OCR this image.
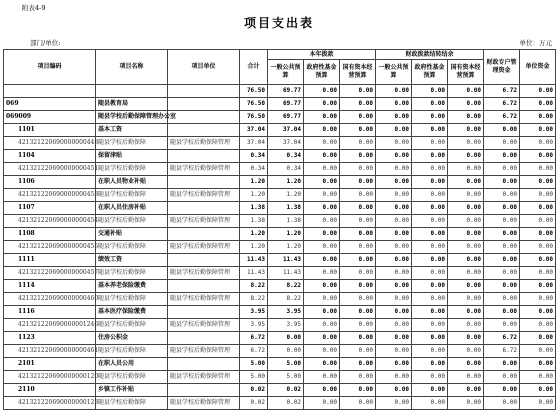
附表4-9
项目支出表
部门/单位:	单位：万元
项目编码	项目名称	项目单位	合计	本年拨款			财政拨款结转结余			财政专户管理资金	单位资金
				一般公共预算	政府性基金预算	国有资本经营预算	一般公共预算	政府性基金预算	国有资本经营预算		
			76.50	69.77	0.00	0.00	0.00	0.00	0.00	6.72	0.00
069	随县教育局		76.50	69.77	0.00	0.00	0.00	0.00	0.00	6.72	0.00
069009	随县学校后勤保障管理办公室		76.50	69.77	0.00	0.00	0.00	0.00	0.00	6.72	0.00
1101	基本工资		37.04	37.04	0.00	0.00	0.00	0.00	0.00	0.00	0.00
421321220690000000448	随县学校后勤保障	随县学校后勤保障管理	37.04	37.04	0.00	0.00	0.00	0.00	0.00	0.00	0.00
1104	保留津贴		0.34	0.34	0.00	0.00	0.00	0.00	0.00	0.00	0.00
421321220690000000451	随县学校后勤保障	随县学校后勤保障管理	0.34	0.34	0.00	0.00	0.00	0.00	0.00	0.00	0.00
1106	在职人员物业补贴		1.20	1.20	0.00	0.00	0.00	0.00	0.00	0.00	0.00
421321220690000000453	随县学校后勤保障	随县学校后勤保障管理	1.20	1.20	0.00	0.00	0.00	0.00	0.00	0.00	0.00
1107	在职人员住房补贴		1.38	1.38	0.00	0.00	0.00	0.00	0.00	0.00	0.00
421321220690000000454	随县学校后勤保障	随县学校后勤保障管理	1.38	1.38	0.00	0.00	0.00	0.00	0.00	0.00	0.00
1108	交通补贴		1.20	1.20	0.00	0.00	0.00	0.00	0.00	0.00	0.00
421321220690000000455	随县学校后勤保障	随县学校后勤保障管理	1.20	1.20	0.00	0.00	0.00	0.00	0.00	0.00	0.00
1111	绩效工资		11.43	11.43	0.00	0.00	0.00	0.00	0.00	0.00	0.00
421321220690000000457	随县学校后勤保障	随县学校后勤保障管理	11.43	11.43	0.00	0.00	0.00	0.00	0.00	0.00	0.00
1114	基本养老保险缴费		8.22	8.22	0.00	0.00	0.00	0.00	0.00	0.00	0.00
421321220690000000460	随县学校后勤保障	随县学校后勤保障管理	8.22	8.22	0.00	0.00	0.00	0.00	0.00	0.00	0.00
1116	基本医疗保险缴费		3.95	3.95	0.00	0.00	0.00	0.00	0.00	0.00	0.00
421321220690000001246	随县学校后勤保障	随县学校后勤保障管理	3.95	3.95	0.00	0.00	0.00	0.00	0.00	0.00	0.00
1123	住房公积金		6.72	0.00	0.00	0.00	0.00	0.00	0.00	6.72	0.00
421321220690000000461	随县学校后勤保障	随县学校后勤保障管理	6.72	0.00	0.00	0.00	0.00	0.00	0.00	6.72	0.00
2101	在职人员公用		5.00	5.00	0.00	0.00	0.00	0.00	0.00	0.00	0.00
421321220690000000120	随县学校后勤保障	随县学校后勤保障管理	5.00	5.00	0.00	0.00	0.00	0.00	0.00	0.00	0.00
2110	乡镇工作补贴		0.02	0.02	0.00	0.00	0.00	0.00	0.00	0.00	0.00
421321220690000000123	随县学校后勤保障	随县学校后勤保障管理	0.02	0.02	0.00	0.00	0.00	0.00	0.00	0.00	0.00
